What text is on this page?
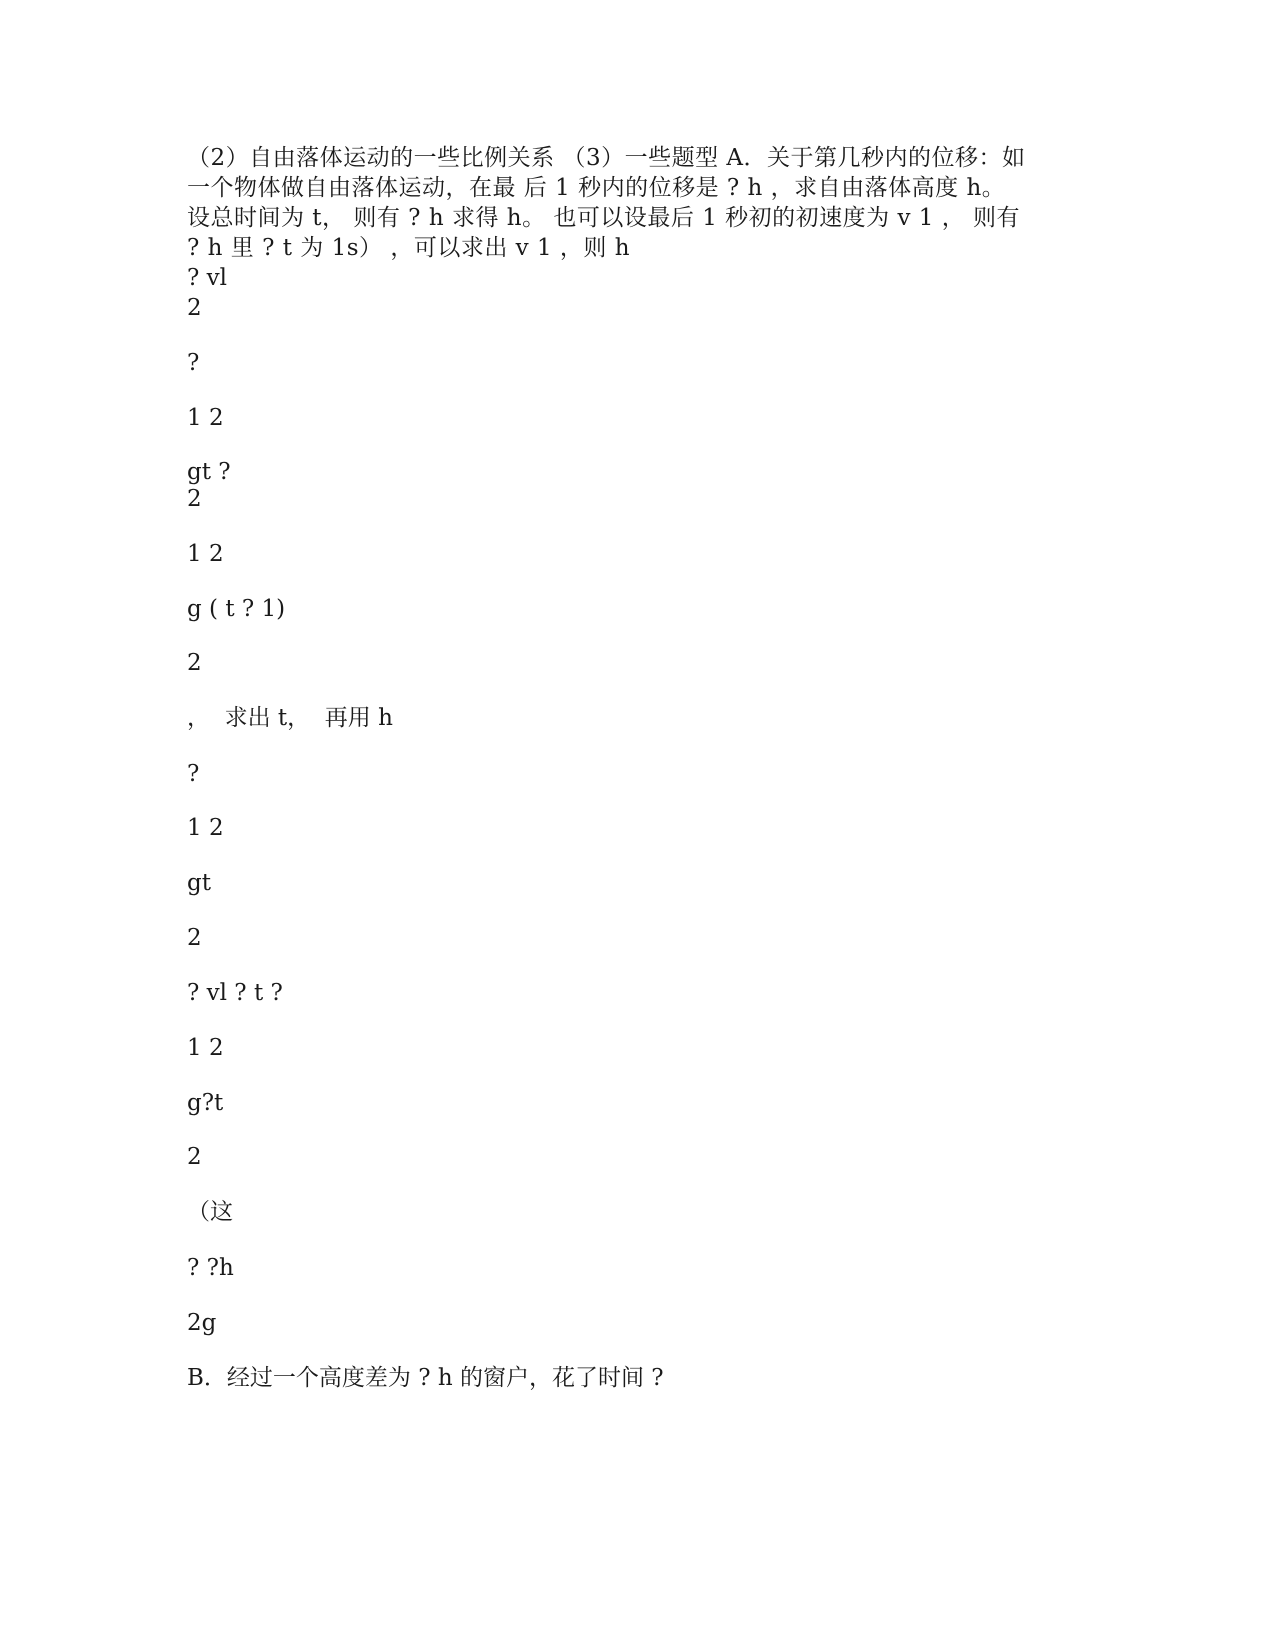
（2）自由落体运动的一些比例关系 （3）一些题型 A．关于第几秒内的位移：如
一个物体做自由落体运动，在最 后 1 秒内的位移是 ? h ，求自由落体高度 h。
设总时间为 t， 则有 ? h 求得 h。 也可以设最后 1 秒初的初速度为 v 1 ， 则有
? h 里 ? t 为 1s） ，可以求出 v 1 ，则 h
? vl
2
?
1 2
gt ?
2
1 2
g ( t ? 1)
2
，  求出 t，  再用 h
?
1 2
gt
2
? vl ? t ?
1 2
g?t
2
（这
? ?h
2g
B．经过一个高度差为 ? h 的窗户，花了时间 ?
